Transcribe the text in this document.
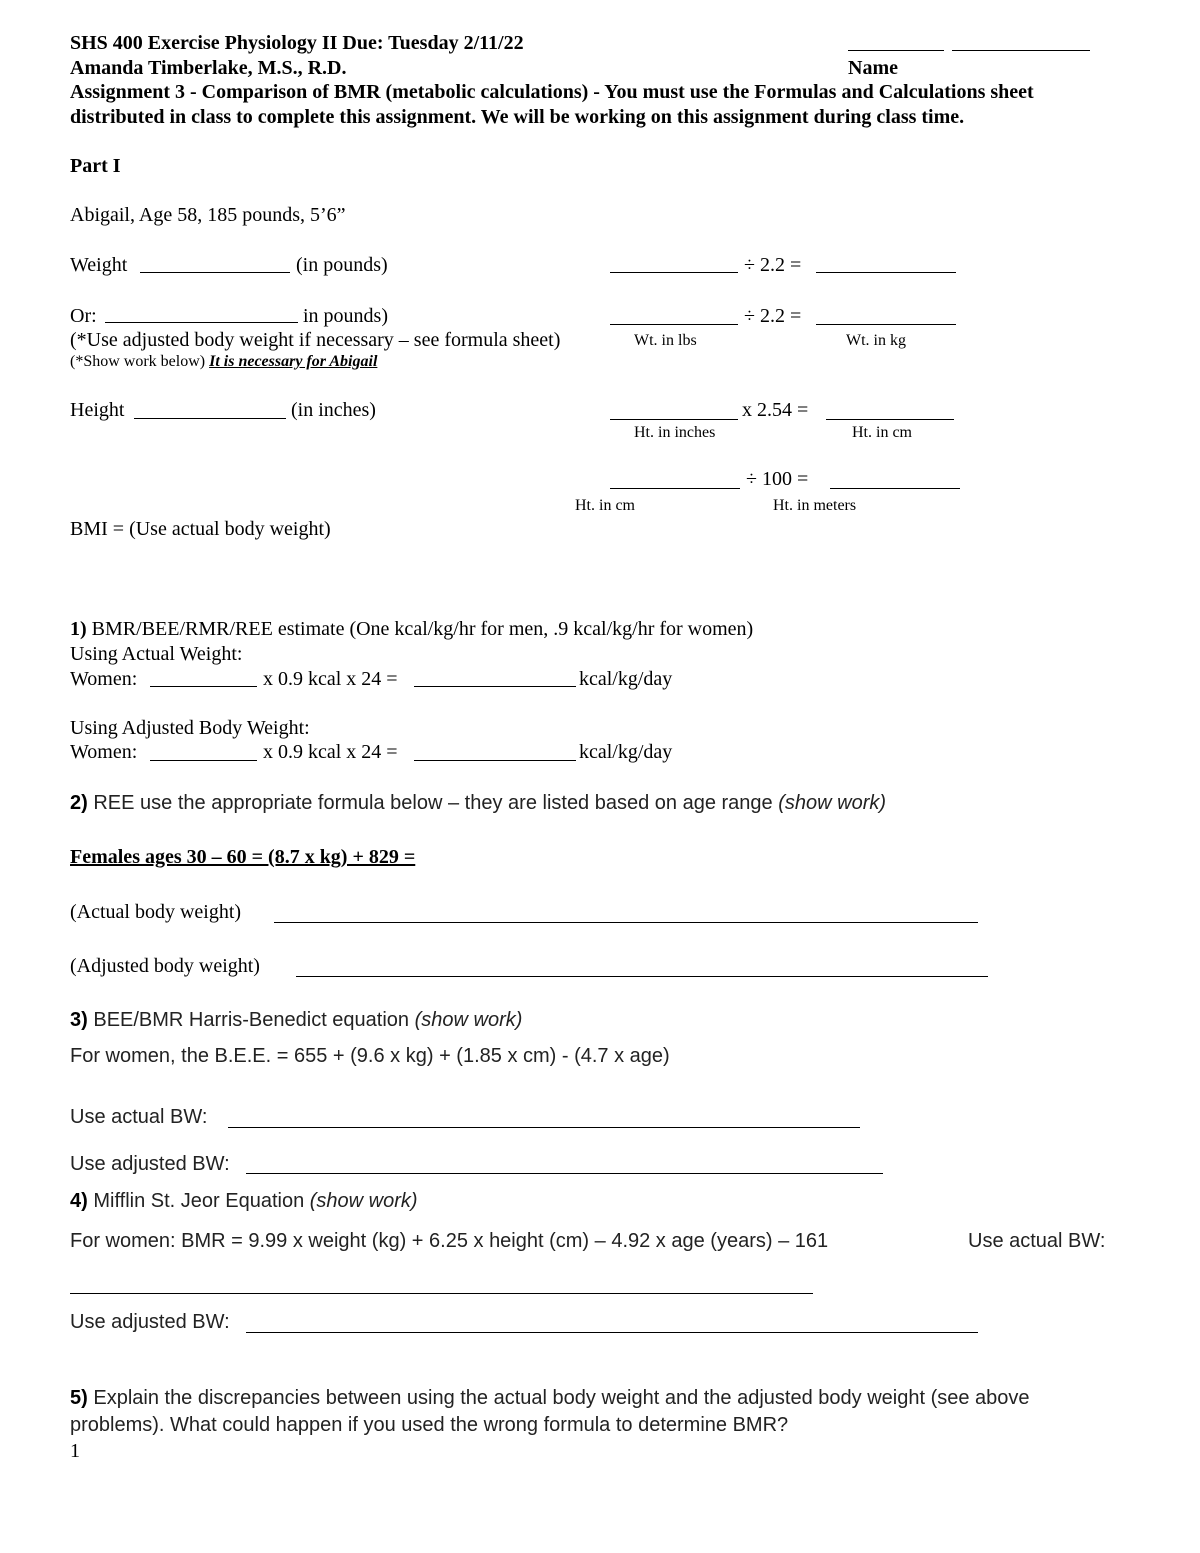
SHS 400 Exercise Physiology II Due: Tuesday 2/11/22
Amanda Timberlake, M.S., R.D.	Name
Assignment 3 - Comparison of BMR (metabolic calculations) - You must use the Formulas and Calculations sheet
distributed in class to complete this assignment. We will be working on this assignment during class time.
Part I
Abigail, Age 58, 185 pounds, 5’6”
Weight	(in pounds)	÷ 2.2 =
Or:	in pounds)	÷ 2.2 =
(*Use adjusted body weight if necessary – see formula sheet)	Wt. in lbs	Wt. in kg
(*Show work below) It is necessary for Abigail
Height	(in inches)	x 2.54 =
Ht. in inches	Ht. in cm
÷ 100 =
Ht. in cm	Ht. in meters
BMI = (Use actual body weight)
1) BMR/BEE/RMR/REE estimate (One kcal/kg/hr for men, .9 kcal/kg/hr for women)
Using Actual Weight:
Women:	x 0.9 kcal x 24 =	kcal/kg/day
Using Adjusted Body Weight:
Women:	x 0.9 kcal x 24 =	kcal/kg/day
2) REE use the appropriate formula below – they are listed based on age range (show work)
Females ages 30 – 60 = (8.7 x kg) + 829 =
(Actual body weight)
(Adjusted body weight)
3) BEE/BMR Harris-Benedict equation (show work)
For women, the B.E.E. = 655 + (9.6 x kg) + (1.85 x cm) - (4.7 x age)
Use actual BW:
Use adjusted BW:
4) Mifflin St. Jeor Equation (show work)
For women: BMR = 9.99 x weight (kg) + 6.25 x height (cm) – 4.92 x age (years) – 161	Use actual BW:
Use adjusted BW:
5) Explain the discrepancies between using the actual body weight and the adjusted body weight (see above
problems). What could happen if you used the wrong formula to determine BMR?
1
